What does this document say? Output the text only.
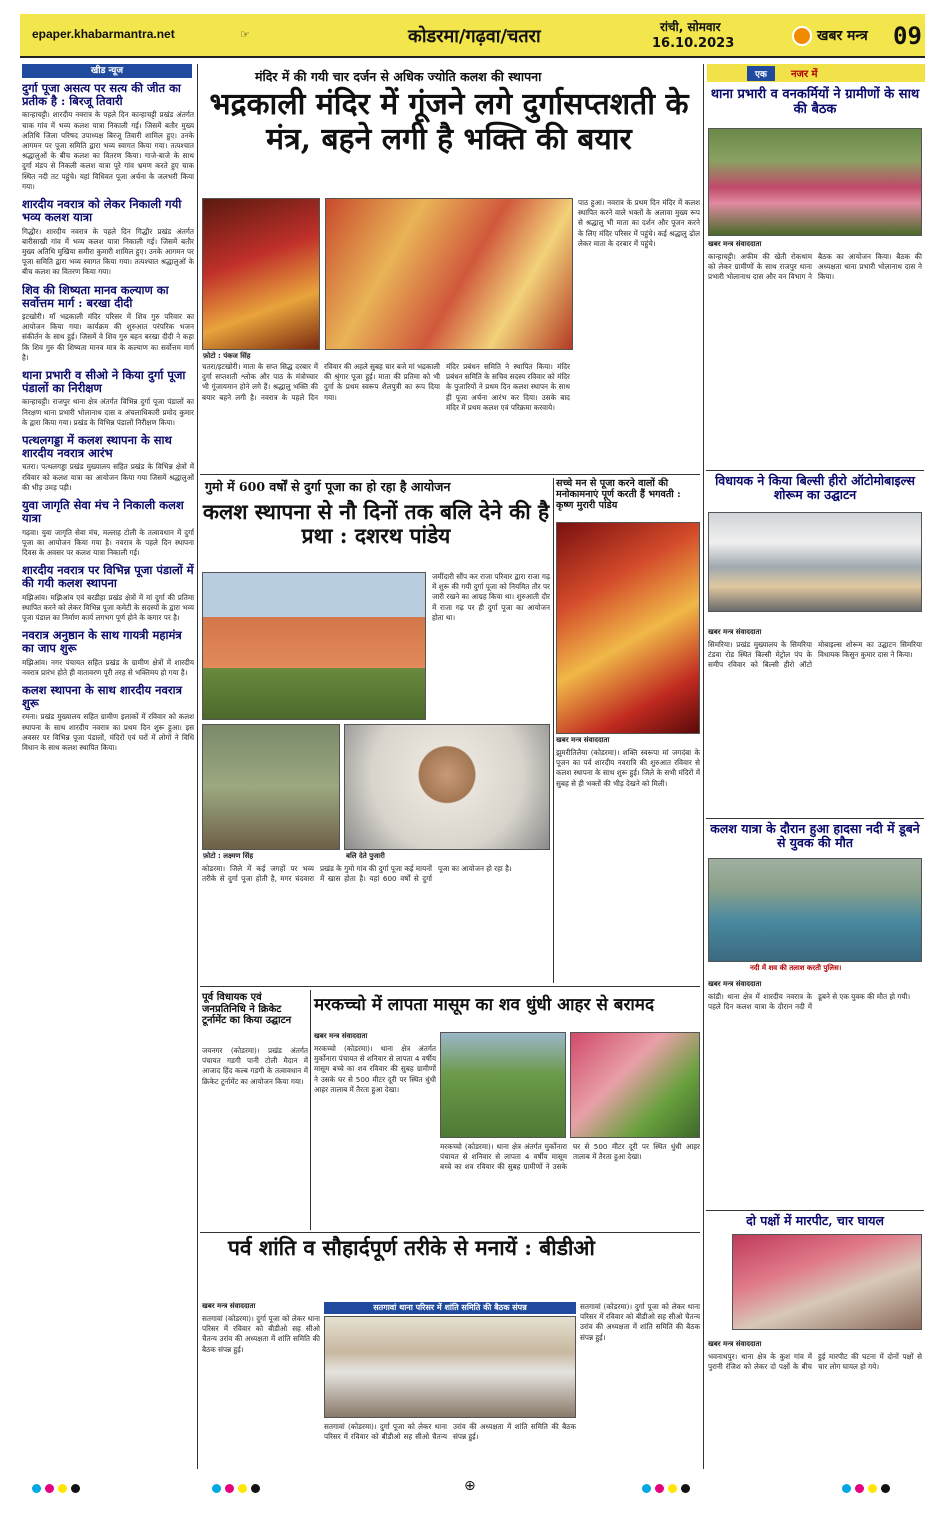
epaper.khabarmantra.net	☞	कोडरमा/गढ़वा/चतरा	रांची, सोमवार
16.10.2023	खबर मन्त्र 09
खीड न्यूज
दुर्गा पूजा असत्य पर सत्य की जीत का प्रतीक है : बिरजू तिवारी
कान्हाचट्टी। शारदीय नवरात्र के पहले दिन कान्हाचट्टी प्रखंड अंतर्गत चाक गांव में भव्य कलश यात्रा निकाली गई। जिसमें बतौर मुख्य अतिथि जिला परिषद उपाध्यक्ष बिरजू तिवारी शामिल हुए। उनके आगमन पर पूजा समिति द्वारा भव्य स्वागत किया गया। तत्पश्चात श्रद्धालुओं के बीच कलश का वितरण किया। गाजे-बाजे के साथ दुर्गा मंडप से निकली कलश यात्रा पूरे गांव भ्रमण करते हुए चाक स्थित नदी तट पहुंचे। यहां विधिवत पूजा अर्चना के जलभरी किया गया।
शारदीय नवरात्र को लेकर निकाली गयी भव्य कलश यात्रा
गिद्धौर। शारदीय नवरात्र के पहले दिन गिद्धौर प्रखंड अंतर्गत बारीसाखी गांव में भव्य कलश यात्रा निकाली गई। जिसमें बतौर मुख्य अतिथि मुखिया समीरा कुमारी शामिल हुए। उनके आगमन पर पूजा समिति द्वारा भव्य स्वागत किया गया। तत्पश्चात श्रद्धालुओं के बीच कलश का वितरण किया गया।
शिव की शिष्यता मानव कल्याण का सर्वोत्तम मार्ग : बरखा दीदी
इटखोरी। माँ भद्रकाली मंदिर परिसर में शिव गुरु परिवार का आयोजन किया गया। कार्यक्रम की शुरुआत परंपरिक भजन संकीर्तन के साथ हुई। जिसमें वे शिव गुरु बहन बरखा दीदी ने कहा कि शिव गुरु की शिष्यता मानव मात्र के कल्याण का सर्वोत्तम मार्ग है।
थाना प्रभारी व सीओ ने किया दुर्गा पूजा पंडालों का निरीक्षण
कान्हाचट्टी। राजपुर थाना क्षेत्र अंतर्गत विभिन्न दुर्गा पूजा पंडालों का निरक्षण थाना प्रभारी भोलानाथ दास व अंचलाधिकारी प्रमोद कुमार के द्वारा किया गया। प्रखंड के विभिन्न पंडालों निरीक्षण किया।
पत्थलगड्डा में कलश स्थापना के साथ शारदीय नवरात्र आरंभ
चतरा। पत्थलगड्डा प्रखंड मुख्यालय सहित प्रखंड के विभिन्न क्षेत्रों में रविवार को कलश यात्रा का आयोजन किया गया जिसमें श्रद्धालुओं की भीड़ उमड़ पड़ी।
युवा जागृति सेवा मंच ने निकाली कलश यात्रा
गढ़वा। युवा जागृति सेवा मंच, मल्लाह टोली के तत्वावधान में दुर्गा पूजा का आयोजन किया गया है। नवरात्र के पहले दिन स्थापना दिवस के अवसर पर कलश यात्रा निकाली गई।
शारदीय नवरात्र पर विभिन्न पूजा पंडालों में की गयी कलश स्थापना
मझिआंव। मझिआंव एवं बरडीहा प्रखंड क्षेत्रों में मां दुर्गा की प्रतिमा स्थापित करने को लेकर विभिन्न पूजा कमेटी के सदस्यों के द्वारा भव्य पूजा पंडाल का निर्माण कार्य लगभग पूर्ण होने के कगार पर है।
नवरात्र अनुष्ठान के साथ गायत्री महामंत्र का जाप शुरू
मझिआंव। नगर पंचायत सहित प्रखंड के ग्रामीण क्षेत्रों में शारदीय नवरात्र प्रारंभ होते ही वातावरण पूरी तरह से भक्तिमय हो गया है।
कलश स्थापना के साथ शारदीय नवरात्र शुरू
रमना। प्रखंड मुख्यालय सहित ग्रामीण इलाकों में रविवार को कलश स्थापना के साथ शारदीय नवरात्र का प्रथम दिन शुरू हुआ। इस अवसर पर विभिन्न पूजा पंडालों, मंदिरों एवं घरों में लोगों ने विधि विधान के साथ कलश स्थापित किया।
मंदिर में की गयी चार दर्जन से अधिक ज्योति कलश की स्थापना
भद्रकाली मंदिर में गूंजने लगे दुर्गासप्तशती के मंत्र, बहने लगी है भक्ति की बयार
फ़ोटो : पंकज सिंह
चतरा/इटखोरी। माता के सप्त सिद्ध दरबार में दुर्गा सप्तशती श्लोक और पाठ के मंत्रोच्चार भी गूंजायमान होने लगे हैं। श्रद्धालु भक्ति की बयार बहने लगी है। नवरात्र के पहले दिन रविवार की अहले सुबह चार बजे मां भद्रकाली की श्रृंगार पूजा हुई। माता की प्रतिमा को भी दुर्गा के प्रथम स्वरूप शैलपुत्री का रूप दिया गया।
मंदिर प्रबंधन समिति ने स्थापित किया। मंदिर प्रबंधन समिति के सचिव सदस्य रविवार को मंदिर के पुजारियों ने प्रथम दिन कलश स्थापन के साथ ही पूजा अर्चना आरंभ कर दिया। उसके बाद मंदिर में प्रथम कलश एवं परिक्रमा करवाये।
पाठ हुआ। नवरात्र के प्रथम दिन मंदिर में कलश स्थापित करने वाले भक्तों के अलावा मुख्य रूप से श्रद्धालु भी माता का दर्शन और पूजन करने के लिए मंदिर परिसर में पहुंचे। कई श्रद्धालु ढोल लेकर माता के दरबार में पहुंचे।
गुमो में 600 वर्षों से दुर्गा पूजा का हो रहा है आयोजन
कलश स्थापना से नौ दिनों तक बलि देने की है प्रथा : दशरथ पांडेय
जमींदारी सौंप कर राजा परिवार द्वारा राजा गढ़ में शुरू की गयी दुर्गा पूजा को नियमित तौर पर जारी रखने का आग्रह किया था। शुरुआती दौर में राजा गढ़ पर ही दुर्गा पूजा का आयोजन होता था।
फ़ोटो : लक्ष्मण सिंह	बलि देते पुजारी
कोडरमा। जिले में कई जगहों पर भव्य तरीके से दुर्गा पूजा होती है, मगर चंदवारा प्रखंड के गुमो गांव की दुर्गा पूजा कई मायनों में खास होता है। यहां 600 वर्षों से दुर्गा पूजा का आयोजन हो रहा है।
सच्चे मन से पूजा करने वालों की मनोकामनाएं पूर्ण करती हैं भगवती : कृष्ण मुरारी पांडेय
खबर मन्त्र संवाददाता
झुमरीतिलैया (कोडरमा)। शक्ति स्वरूपा मां जगदंबा के पूजन का पर्व शारदीय नवरात्रि की शुरुआत रविवार से कलश स्थापना के साथ शुरू हुई। जिले के सभी मंदिरों में सुबह से ही भक्तों की भीड़ देखने को मिली।
पूर्व विधायक एवं जनप्रतिनिधि ने क्रिकेट टूर्नामेंट का किया उद्घाटन
जयनगर (कोडरमा)। प्रखंड अंतर्गत पंचायत गडगी पानी टोली मैदान में आजाद हिंद कल्ब गडगी के तत्वावधान में क्रिकेट टूर्नामेंट का आयोजन किया गया।
मरकच्चो में लापता मासूम का शव धुंधी आहर से बरामद
खबर मन्त्र संवाददाता
मरकच्चो (कोडरमा)। थाना क्षेत्र अंतर्गत मुर्कोनारा पंचायत से शनिवार से लापता 4 वर्षीय मासूम बच्चे का शव रविवार की सुबह ग्रामीणों ने उसके घर से 500 मीटर दूरी पर स्थित धुंधी आहर तालाब में तैरता हुआ देखा।
मरकच्चो (कोडरमा)। थाना क्षेत्र अंतर्गत मुर्कोनारा पंचायत से शनिवार से लापता 4 वर्षीय मासूम बच्चे का शव रविवार की सुबह ग्रामीणों ने उसके घर से 500 मीटर दूरी पर स्थित धुंधी आहर तालाब में तैरता हुआ देखा।
पर्व शांति व सौहार्दपूर्ण तरीके से मनायें : बीडीओ
खबर मन्त्र संवाददाता
सतगावां (कोडरमा)। दुर्गा पूजा को लेकर थाना परिसर में रविवार को बीडीओ सह सीओ चैतन्य उरांव की अध्यक्षता में शांति समिति की बैठक संपन्न हुई।
सतगावां थाना परिसर में शांति समिति की बैठक संपन्न
सतगावां (कोडरमा)। दुर्गा पूजा को लेकर थाना परिसर में रविवार को बीडीओ सह सीओ चैतन्य उरांव की अध्यक्षता में शांति समिति की बैठक संपन्न हुई।
सतगावां (कोडरमा)। दुर्गा पूजा को लेकर थाना परिसर में रविवार को बीडीओ सह सीओ चैतन्य उरांव की अध्यक्षता में शांति समिति की बैठक संपन्न हुई।
एक	नजर में
थाना प्रभारी व वनकर्मियों ने ग्रामीणों के साथ की बैठक
खबर मन्त्र संवाददाता
कान्हाचट्टी। अफीम की खेती रोकथाम को लेकर ग्रामीणों के साथ राजपुर थाना प्रभारी भोलानाथ दास और वन विभाग ने बैठक का आयोजन किया। बैठक की अध्यक्षता थाना प्रभारी भोलानाथ दास ने किया।
विधायक ने किया बिल्सी हीरो ऑटोमोबाइल्स शोरूम का उद्घाटन
खबर मन्त्र संवाददाता
सिमरिया। प्रखंड मुख्यालय के सिमरिया टंडवा रोड स्थित बिल्सी मेट्रोल पंप के समीप रविवार को बिल्सी हीरो ऑटो मोबाइल्स शोरूम का उद्घाटन सिमरिया विधायक किसुन कुमार दास ने किया।
कलश यात्रा के दौरान हुआ हादसा नदी में डूबने से युवक की मौत
नदी में शव की तलाश करती पुलिस।
खबर मन्त्र संवाददाता
कांडी। थाना क्षेत्र में शारदीय नवरात्र के पहले दिन कलश यात्रा के दौरान नदी में डूबने से एक युवक की मौत हो गयी।
दो पक्षों में मारपीट, चार घायल
खबर मन्त्र संवाददाता
भवनाथपुर। थाना क्षेत्र के कुश गांव में पुरानी रंजिश को लेकर दो पक्षों के बीच हुई मारपीट की घटना में दोनों पक्षों से चार लोग घायल हो गये।
⊕
